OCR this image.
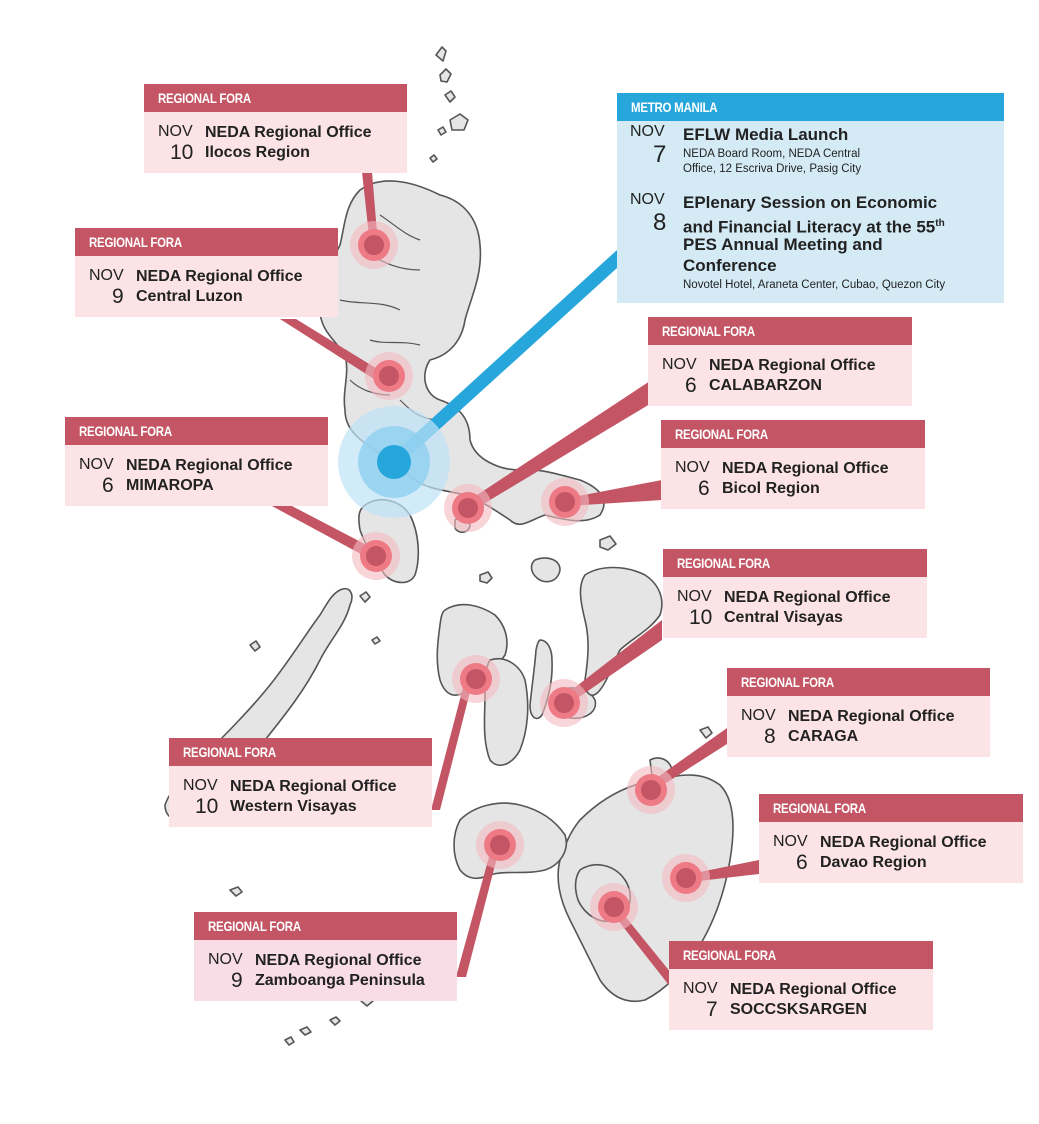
METRO MANILA
NOV
7
EFLW Media Launch
NEDA Board Room, NEDA Central
Office, 12 Escriva Drive, Pasig City
NOV
8
EPlenary Session on Economic
and Financial Literacy at the 55th
PES Annual Meeting and
Conference
Novotel Hotel, Araneta Center, Cubao, Quezon City
REGIONAL FORA
NOV
10
NEDA Regional Office
Ilocos Region
REGIONAL FORA
NOV
9
NEDA Regional Office
Central Luzon
REGIONAL FORA
NOV
6
NEDA Regional Office
MIMAROPA
REGIONAL FORA
NOV
6
NEDA Regional Office
CALABARZON
REGIONAL FORA
NOV
6
NEDA Regional Office
Bicol Region
REGIONAL FORA
NOV
10
NEDA Regional Office
Central Visayas
REGIONAL FORA
NOV
10
NEDA Regional Office
Western Visayas
REGIONAL FORA
NOV
8
NEDA Regional Office
CARAGA
REGIONAL FORA
NOV
6
NEDA Regional Office
Davao Region
REGIONAL FORA
NOV
9
NEDA Regional Office
Zamboanga Peninsula
REGIONAL FORA
NOV
7
NEDA Regional Office
SOCCSKSARGEN
